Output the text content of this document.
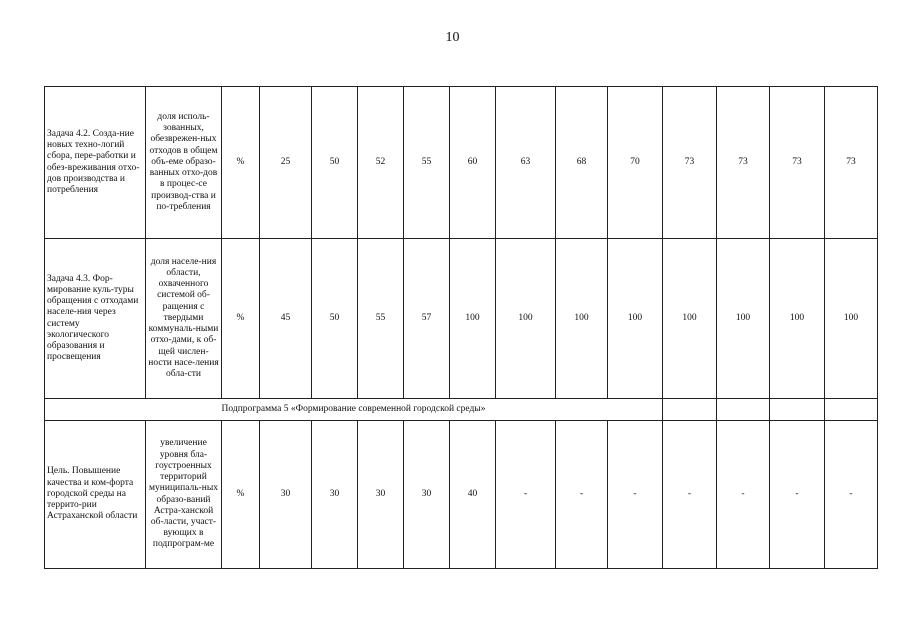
10
Задача 4.2. Созда-ние новых техно-логий сбора, пере-работки и обез-вреживания отхо-дов производства и потребления	доля исполь-зованных, обезврежен-ных отходов в общем объ-еме образо-ванных отхо-дов в процес-се производ-ства и по-требления	%	25	50	52	55	60	63	68	70	73	73	73	73
Задача 4.3. Фор-мирование куль-туры обращения с отходами населе-ния через систему экологического образования и просвещения	доля населе-ния области, охваченного системой об-ращения с твердыми коммуналь-ными отхо-дами, к об-щей числен-ности насе-ления обла-сти	%	45	50	55	57	100	100	100	100	100	100	100	100
Подпрограмма 5 «Формирование современной городской среды»														
Цель. Повышение качества и ком-форта городской среды на террито-рии Астраханской области	увеличение уровня бла-гоустроенных территорий муниципаль-ных образо-ваний Астра-ханской об-ласти, участ-вующих в подпрограм-ме	%	30	30	30	30	40	-	-	-	-	-	-	-
